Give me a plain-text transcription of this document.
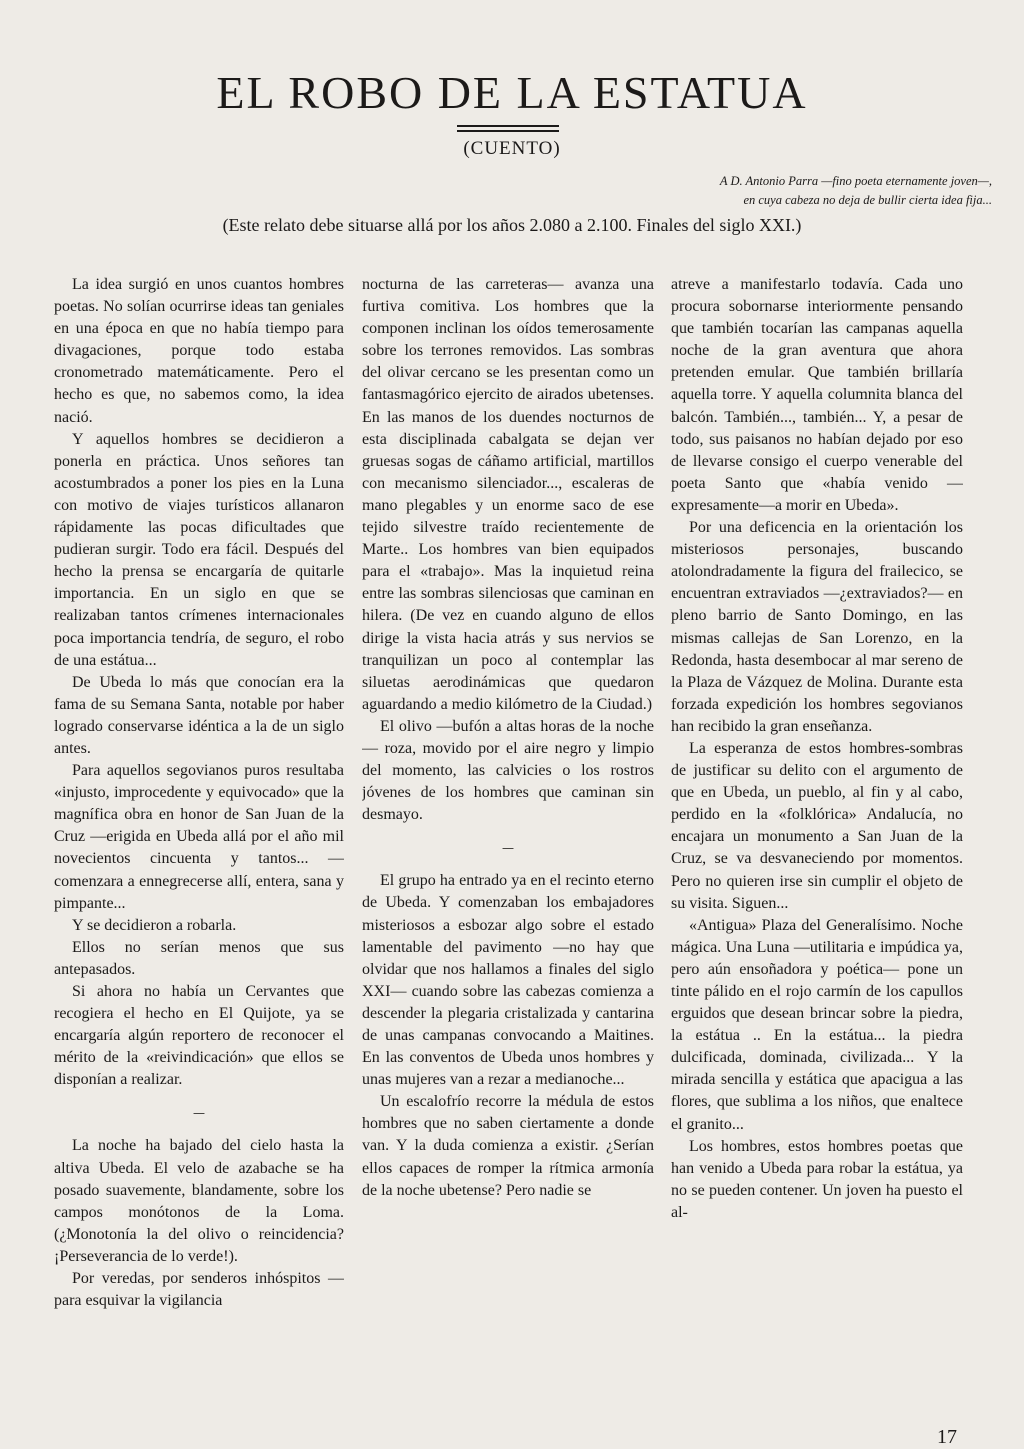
EL ROBO DE LA ESTATUA
(CUENTO)
A D. Antonio Parra —fino poeta eternamente joven—,
en cuya cabeza no deja de bullir cierta idea fija...
(Este relato debe situarse allá por los años 2.080 a 2.100. Finales del siglo XXI.)

La idea surgió en unos cuantos hombres poetas. No solían ocurrirse ideas tan geniales en una época en que no había tiempo para divagaciones, porque todo estaba cronometrado matemáticamente. Pero el hecho es que, no sabemos como, la idea nació.

Y aquellos hombres se decidieron a ponerla en práctica. Unos señores tan acostumbrados a poner los pies en la Luna con motivo de viajes turísticos allanaron rápidamente las pocas dificultades que pudieran surgir. Todo era fácil. Después del hecho la prensa se encargaría de quitarle importancia. En un siglo en que se realizaban tantos crímenes internacionales poca importancia tendría, de seguro, el robo de una estátua...

De Ubeda lo más que conocían era la fama de su Semana Santa, notable por haber logrado conservarse idéntica a la de un siglo antes.

Para aquellos segovianos puros resultaba «injusto, improcedente y equivocado» que la magnífica obra en honor de San Juan de la Cruz —erigida en Ubeda allá por el año mil novecientos cincuenta y tantos... — comenzara a ennegrecerse allí, entera, sana y pimpante...

Y se decidieron a robarla.

Ellos no serían menos que sus antepasados.

Si ahora no había un Cervantes que recogiera el hecho en El Quijote, ya se encargaría algún reportero de reconocer el mérito de la «reivindicación» que ellos se disponían a realizar.

—

La noche ha bajado del cielo hasta la altiva Ubeda. El velo de azabache se ha posado suavemente, blandamente, sobre los campos monótonos de la Loma. (¿Monotonía la del olivo o reincidencia? ¡Perseverancia de lo verde!).

Por veredas, por senderos inhóspitos —para esquivar la vigilancia

nocturna de las carreteras— avanza una furtiva comitiva. Los hombres que la componen inclinan los oídos temerosamente sobre los terrones removidos. Las sombras del olivar cercano se les presentan como un fantasmagórico ejercito de airados ubetenses. En las manos de los duendes nocturnos de esta disciplinada cabalgata se dejan ver gruesas sogas de cáñamo artificial, martillos con mecanismo silenciador..., escaleras de mano plegables y un enorme saco de ese tejido silvestre traído recientemente de Marte.. Los hombres van bien equipados para el «trabajo». Mas la inquietud reina entre las sombras silenciosas que caminan en hilera. (De vez en cuando alguno de ellos dirige la vista hacia atrás y sus nervios se tranquilizan un poco al contemplar las siluetas aerodinámicas que quedaron aguardando a medio kilómetro de la Ciudad.)

El olivo —bufón a altas horas de la noche— roza, movido por el aire negro y limpio del momento, las calvicies o los rostros jóvenes de los hombres que caminan sin desmayo.

—

El grupo ha entrado ya en el recinto eterno de Ubeda. Y comenzaban los embajadores misteriosos a esbozar algo sobre el estado lamentable del pavimento —no hay que olvidar que nos hallamos a finales del siglo XXI— cuando sobre las cabezas comienza a descender la plegaria cristalizada y cantarina de unas campanas convocando a Maitines. En las conventos de Ubeda unos hombres y unas mujeres van a rezar a medianoche...

Un escalofrío recorre la médula de estos hombres que no saben ciertamente a donde van. Y la duda comienza a existir. ¿Serían ellos capaces de romper la rítmica armonía de la noche ubetense? Pero nadie se

atreve a manifestarlo todavía. Cada uno procura sobornarse interiormente pensando que también tocarían las campanas aquella noche de la gran aventura que ahora pretenden emular. Que también brillaría aquella torre. Y aquella columnita blanca del balcón. También..., también... Y, a pesar de todo, sus paisanos no habían dejado por eso de llevarse consigo el cuerpo venerable del poeta Santo que «había venido —expresamente—a morir en Ubeda».

Por una deficencia en la orientación los misteriosos personajes, buscando atolondradamente la figura del frailecico, se encuentran extraviados —¿extraviados?— en pleno barrio de Santo Domingo, en las mismas callejas de San Lorenzo, en la Redonda, hasta desembocar al mar sereno de la Plaza de Vázquez de Molina. Durante esta forzada expedición los hombres segovianos han recibido la gran enseñanza.

La esperanza de estos hombres-sombras de justificar su delito con el argumento de que en Ubeda, un pueblo, al fin y al cabo, perdido en la «folklórica» Andalucía, no encajara un monumento a San Juan de la Cruz, se va desvaneciendo por momentos. Pero no quieren irse sin cumplir el objeto de su visita. Siguen...

«Antigua» Plaza del Generalísimo. Noche mágica. Una Luna —utilitaria e impúdica ya, pero aún ensoñadora y poética— pone un tinte pálido en el rojo carmín de los capullos erguidos que desean brincar sobre la piedra, la estátua .. En la estátua... la piedra dulcificada, dominada, civilizada... Y la mirada sencilla y estática que apacigua a las flores, que sublima a los niños, que enaltece el granito...

Los hombres, estos hombres poetas que han venido a Ubeda para robar la estátua, ya no se pueden contener. Un joven ha puesto el al-

17
